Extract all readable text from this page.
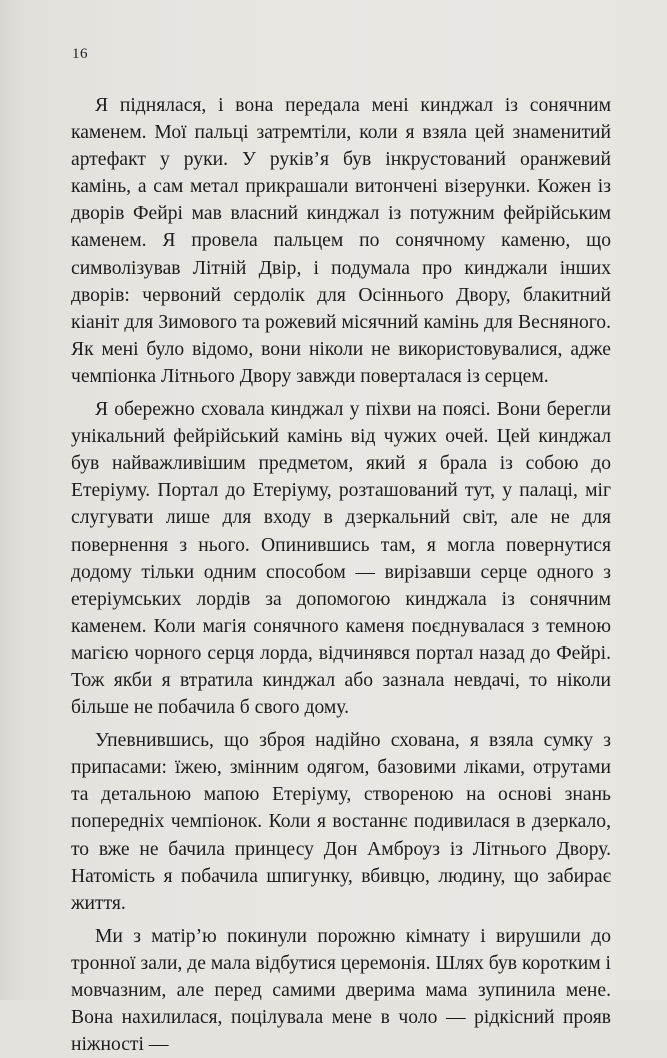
16

Я піднялася, і вона передала мені кинджал із сонячним каменем. Мої пальці затремтіли, коли я взяла цей знаменитий артефакт у руки. У руків’я був інкрустований оранжевий камінь, а сам метал прикрашали витончені візерунки. Кожен із дворів Фейрі мав власний кинджал із потужним фейрійським каменем. Я провела пальцем по сонячному каменю, що символізував Літній Двір, і подумала про кинджали інших дворів: червоний сердолік для Осіннього Двору, блакитний кіаніт для Зимового та рожевий місячний камінь для Весняного. Як мені було відомо, вони ніколи не використовувалися, адже чемпіонка Літнього Двору завжди поверталася із серцем.

Я обережно сховала кинджал у піхви на поясі. Вони берегли унікальний фейрійський камінь від чужих очей. Цей кинджал був найважливішим предметом, який я брала із собою до Етеріуму. Портал до Етеріуму, розташований тут, у палаці, міг слугувати лише для входу в дзеркальний світ, але не для повернення з нього. Опинившись там, я могла повернутися додому тільки одним способом — вирізавши серце одного з етеріумських лордів за допомогою кинджала із сонячним каменем. Коли магія сонячного каменя поєднувалася з темною магією чорного серця лорда, відчинявся портал назад до Фейрі. Тож якби я втратила кинджал або зазнала невдачі, то ніколи більше не побачила б свого дому.

Упевнившись, що зброя надійно схована, я взяла сумку з припасами: їжею, змінним одягом, базовими ліками, отрутами та детальною мапою Етеріуму, створеною на основі знань попередніх чемпіонок. Коли я востаннє подивилася в дзеркало, то вже не бачила принцесу Дон Амброуз із Літнього Двору. Натомість я побачила шпигунку, вбивцю, людину, що забирає життя.

Ми з матір’ю покинули порожню кімнату і вирушили до тронної зали, де мала відбутися церемонія. Шлях був коротким і мовчазним, але перед самими дверима мама зупинила мене. Вона нахилилася, поцілувала мене в чоло — рідкісний прояв ніжності —
